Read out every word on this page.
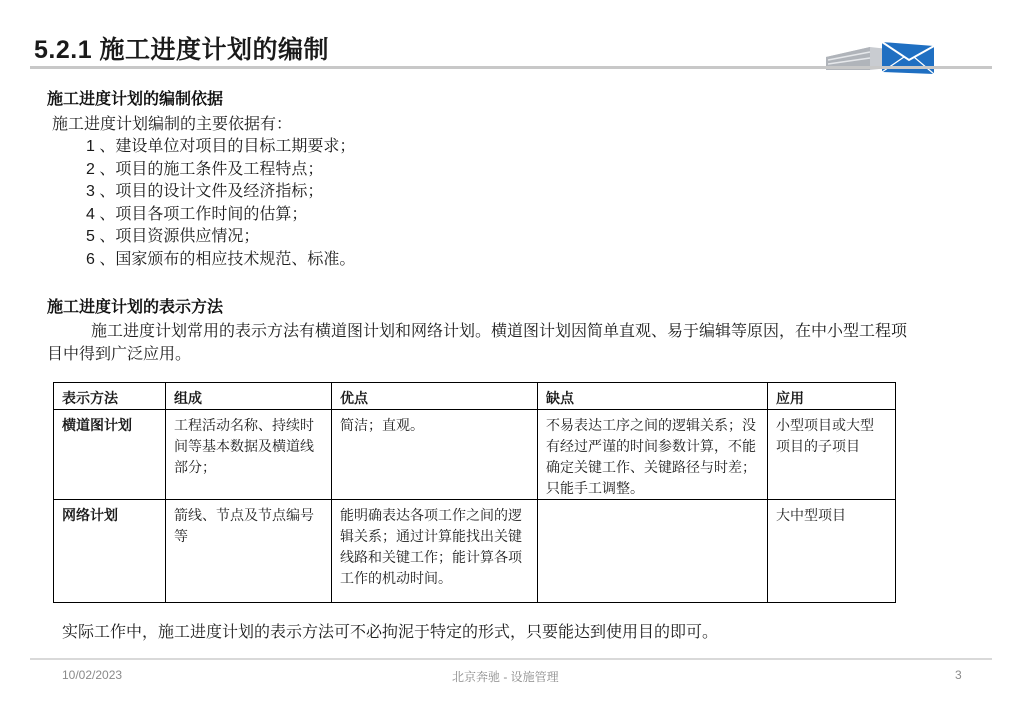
5.2.1 施工进度计划的编制
施工进度计划的编制依据
施工进度计划编制的主要依据有：
1 、建设单位对项目的目标工期要求；
2 、项目的施工条件及工程特点；
3 、项目的设计文件及经济指标；
4 、项目各项工作时间的估算；
5 、项目资源供应情况；
6 、国家颁布的相应技术规范、标准。
施工进度计划的表示方法
施工进度计划常用的表示方法有横道图计划和网络计划。横道图计划因简单直观、易于编辑等原因，在中小型工程项目中得到广泛应用。
表示方法	组成	优点	缺点	应用
横道图计划	工程活动名称、持续时间等基本数据及横道线部分；	简洁；直观。	不易表达工序之间的逻辑关系；没有经过严谨的时间参数计算，不能确定关键工作、关键路径与时差；只能手工调整。	小型项目或大型项目的子项目
网络计划	箭线、节点及节点编号等	能明确表达各项工作之间的逻辑关系；通过计算能找出关键线路和关键工作；能计算各项工作的机动时间。		大中型项目
实际工作中，施工进度计划的表示方法可不必拘泥于特定的形式，只要能达到使用目的即可。
10/02/2023	北京奔驰 - 设施管理	3
